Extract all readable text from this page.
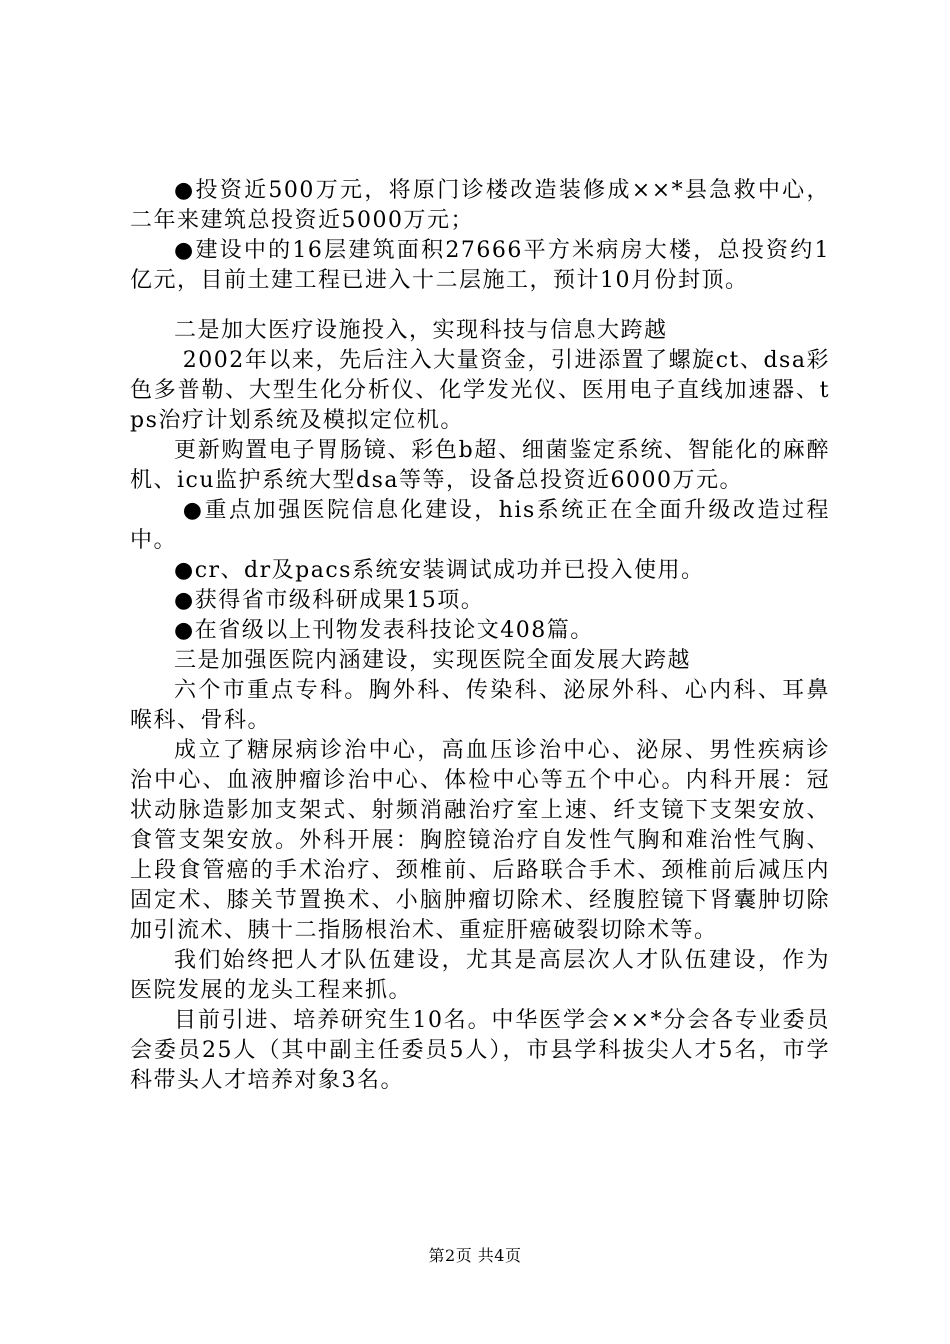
●投资近500万元，将原门诊楼改造装修成××*县急救中心，二年来建筑总投资近5000万元；

●建设中的16层建筑面积27666平方米病房大楼，总投资约1亿元，目前土建工程已进入十二层施工，预计10月份封顶。

二是加大医疗设施投入，实现科技与信息大跨越

2002年以来，先后注入大量资金，引进添置了螺旋ct、dsa彩色多普勒、大型生化分析仪、化学发光仪、医用电子直线加速器、tps治疗计划系统及模拟定位机。

更新购置电子胃肠镜、彩色b超、细菌鉴定系统、智能化的麻醉机、icu监护系统大型dsa等等，设备总投资近6000万元。

●重点加强医院信息化建设，his系统正在全面升级改造过程中。

●cr、dr及pacs系统安装调试成功并已投入使用。

●获得省市级科研成果15项。

●在省级以上刊物发表科技论文408篇。

三是加强医院内涵建设，实现医院全面发展大跨越

六个市重点专科。胸外科、传染科、泌尿外科、心内科、耳鼻喉科、骨科。

成立了糖尿病诊治中心，高血压诊治中心、泌尿、男性疾病诊治中心、血液肿瘤诊治中心、体检中心等五个中心。内科开展：冠状动脉造影加支架式、射频消融治疗室上速、纤支镜下支架安放、食管支架安放。外科开展：胸腔镜治疗自发性气胸和难治性气胸、上段食管癌的手术治疗、颈椎前、后路联合手术、颈椎前后减压内固定术、膝关节置换术、小脑肿瘤切除术、经腹腔镜下肾囊肿切除加引流术、胰十二指肠根治术、重症肝癌破裂切除术等。

我们始终把人才队伍建设，尤其是高层次人才队伍建设，作为医院发展的龙头工程来抓。

目前引进、培养研究生10名。中华医学会××*分会各专业委员会委员25人（其中副主任委员5人），市县学科拔尖人才5名，市学科带头人才培养对象3名。

第2页 共4页
